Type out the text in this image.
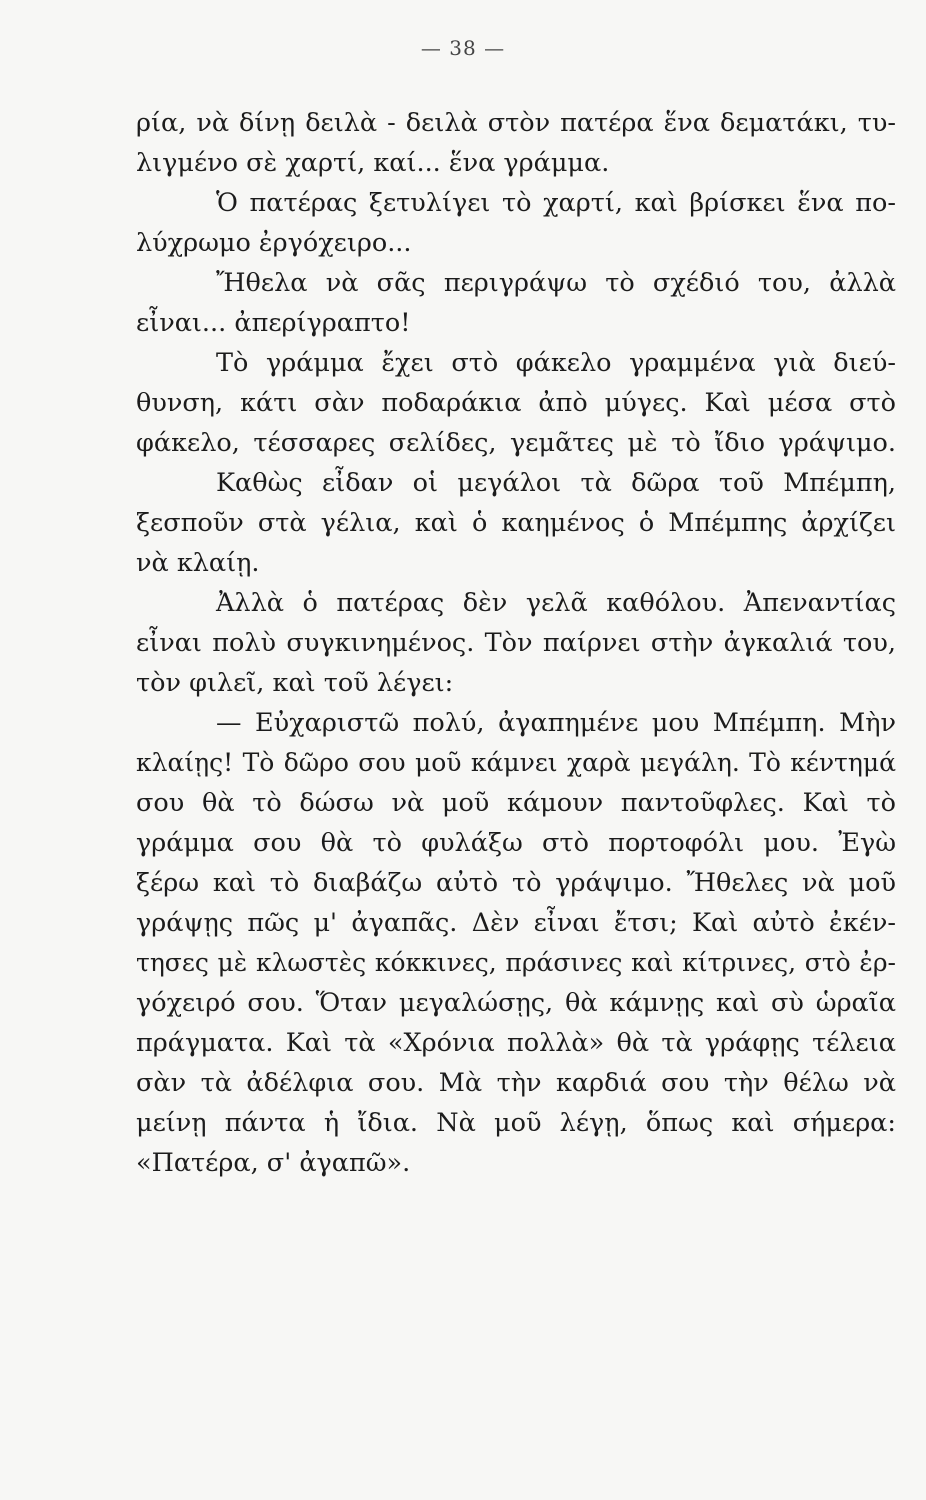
— 38 —
ρία, νὰ δίνῃ δειλὰ - δειλὰ στὸν πατέρα ἕνα δεματάκι, τυ-
λιγμένο σὲ χαρτί, καί... ἕνα γράμμα.
Ὁ πατέρας ξετυλίγει τὸ χαρτί, καὶ βρίσκει ἕνα πο-
λύχρωμο ἐργόχειρο...
Ἤθελα νὰ σᾶς περιγράψω τὸ σχέδιό του, ἀλλὰ
εἶναι... ἀπερίγραπτο!
Τὸ γράμμα ἔχει στὸ φάκελο γραμμένα γιὰ διεύ-
θυνση, κάτι σὰν ποδαράκια ἀπὸ μύγες. Καὶ μέσα στὸ
φάκελο, τέσσαρες σελίδες, γεμᾶτες μὲ τὸ ἴδιο γράψιμο.
Καθὼς εἶδαν οἱ μεγάλοι τὰ δῶρα τοῦ Μπέμπη,
ξεσποῦν στὰ γέλια, καὶ ὁ καημένος ὁ Μπέμπης ἀρχίζει
νὰ κλαίῃ.
Ἀλλὰ ὁ πατέρας δὲν γελᾶ καθόλου. Ἀπεναντίας
εἶναι πολὺ συγκινημένος. Τὸν παίρνει στὴν ἀγκαλιά του,
τὸν φιλεῖ, καὶ τοῦ λέγει:
— Εὐχαριστῶ πολύ, ἀγαπημένε μου Μπέμπη. Μὴν
κλαίῃς! Τὸ δῶρο σου μοῦ κάμνει χαρὰ μεγάλη. Τὸ κέντημά
σου θὰ τὸ δώσω νὰ μοῦ κάμουν παντοῦφλες. Καὶ τὸ
γράμμα σου θὰ τὸ φυλάξω στὸ πορτοφόλι μου. Ἐγὼ
ξέρω καὶ τὸ διαβάζω αὐτὸ τὸ γράψιμο. Ἤθελες νὰ μοῦ
γράψῃς πῶς μ' ἀγαπᾶς. Δὲν εἶναι ἔτσι; Καὶ αὐτὸ ἐκέν-
τησες μὲ κλωστὲς κόκκινες, πράσινες καὶ κίτρινες, στὸ ἐρ-
γόχειρό σου. Ὅταν μεγαλώσῃς, θὰ κάμνῃς καὶ σὺ ὡραῖα
πράγματα. Καὶ τὰ «Χρόνια πολλὰ» θὰ τὰ γράφῃς τέλεια
σὰν τὰ ἀδέλφια σου. Μὰ τὴν καρδιά σου τὴν θέλω νὰ
μείνῃ πάντα ἡ ἴδια. Νὰ μοῦ λέγῃ, ὅπως καὶ σήμερα:
«Πατέρα, σ' ἀγαπῶ».
